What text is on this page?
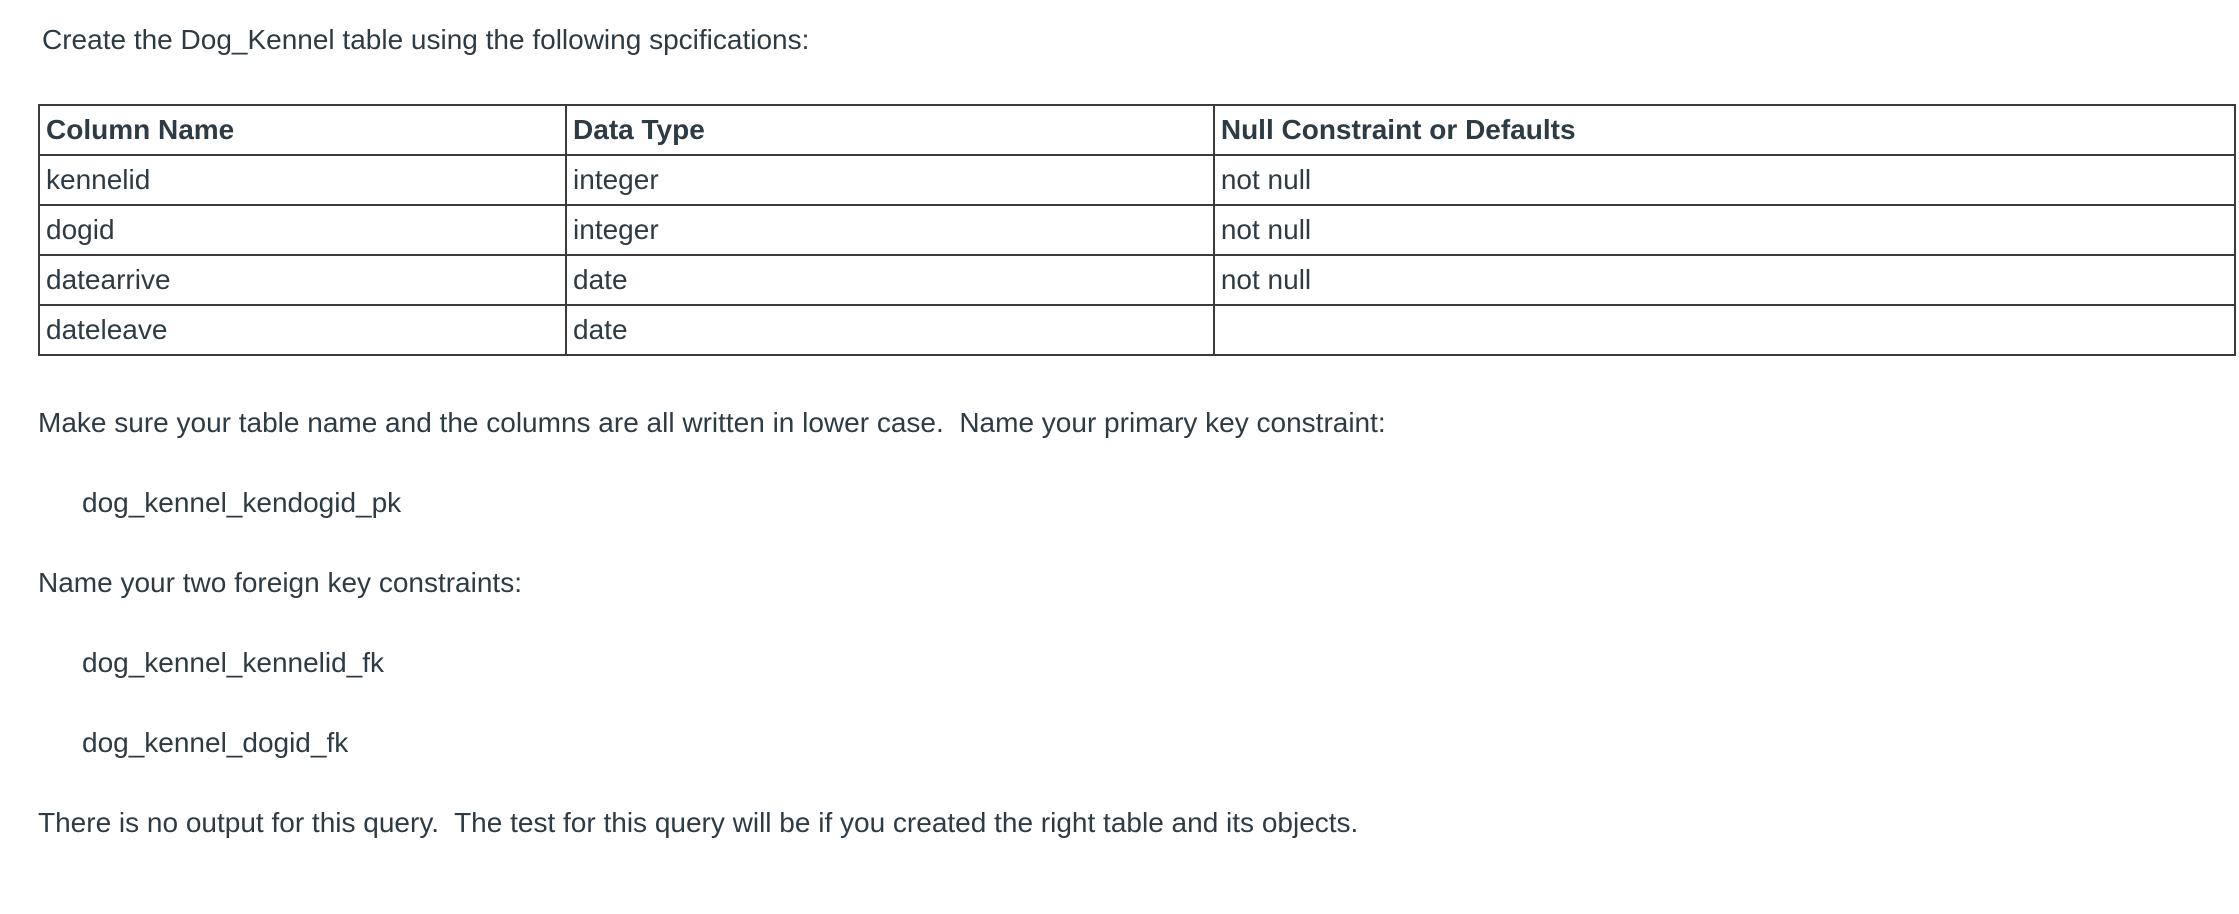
Create the Dog_Kennel table using the following spcifications:

Column Name	Data Type	Null Constraint or Defaults
kennelid	integer	not null
dogid	integer	not null
datearrive	date	not null
dateleave	date	

Make sure your table name and the columns are all written in lower case.  Name your primary key constraint:

dog_kennel_kendogid_pk

Name your two foreign key constraints:

dog_kennel_kennelid_fk

dog_kennel_dogid_fk

There is no output for this query.  The test for this query will be if you created the right table and its objects.
